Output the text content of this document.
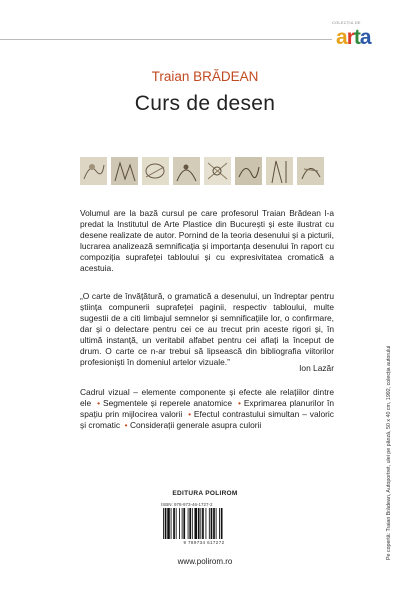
COLECȚIA DE
arta
Traian BRĂDEAN
Curs de desen
Volumul are la bază cursul pe care profesorul Traian Brădean l-a predat la Institutul de Arte Plastice din București și este ilustrat cu desene realizate de autor. Pornind de la teoria desenului și a picturii, lucrarea analizează semnificația și importanța desenului în raport cu compoziția suprafeței tabloului și cu expresivitatea cromatică a acestuia.
„O carte de învățătură, o gramatică a desenului, un îndreptar pentru știința compunerii suprafeței paginii, respectiv tabloului, multe sugestii de a citi limbajul semnelor și semnificațiile lor, o confirmare, dar și o delectare pentru cei ce au trecut prin aceste rigori și, în ultimă instanță, un veritabil alfabet pentru cei aflați la început de drum. O carte ce n-ar trebui să lipsească din bibliografia viitorilor profesioniști în domeniul artelor vizuale.”
Ion Lazăr
Cadrul vizual – elemente componente și efecte ale relațiilor dintre ele  • Segmentele și reperele anatomice  • Exprimarea planurilor în spațiu prin mijlocirea valorii  • Efectul contrastului simultan – valoric și cromatic  • Considerații generale asupra culorii
EDITURA POLIROM
ISBN: 978-973-46-1727-2
9 789734 617272
www.polirom.ro
Pe copertă: Traian Brădean, Autoportret, ulei pe pânză, 50 x 40 cm, 1992, colecția autorului
